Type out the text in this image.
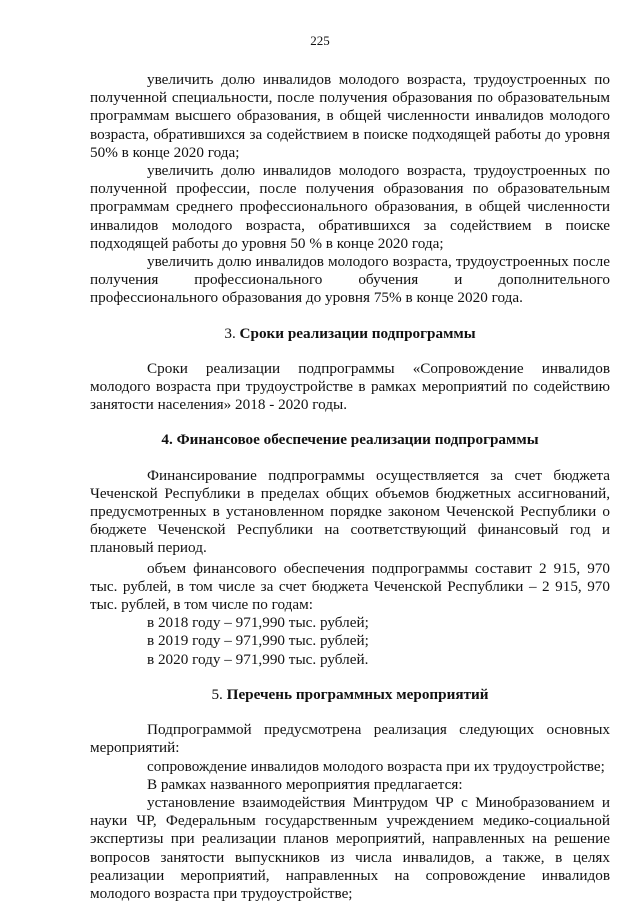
225

увеличить долю инвалидов молодого возраста, трудоустроенных по полученной специальности, после получения образования по образовательным программам высшего образования, в общей численности инвалидов молодого возраста, обратившихся за содействием в поиске подходящей работы до уровня 50% в конце 2020 года;

увеличить долю инвалидов молодого возраста, трудоустроенных по полученной профессии, после получения образования по образовательным программам среднего профессионального образования, в общей численности инвалидов молодого возраста, обратившихся за содействием в поиске подходящей работы до уровня 50 % в конце 2020 года;

увеличить долю инвалидов молодого возраста, трудоустроенных после получения профессионального обучения и дополнительного профессионального образования до уровня 75% в конце 2020 года.

3. Сроки реализации подпрограммы

Сроки реализации подпрограммы «Сопровождение инвалидов молодого возраста при трудоустройстве в рамках мероприятий по содействию занятости населения» 2018 - 2020 годы.

4. Финансовое обеспечение реализации подпрограммы

Финансирование подпрограммы осуществляется за счет бюджета Чеченской Республики в пределах общих объемов бюджетных ассигнований, предусмотренных в установленном порядке законом Чеченской Республики о бюджете Чеченской Республики на соответствующий финансовый год и плановый период.

объем финансового обеспечения подпрограммы составит 2 915, 970 тыс. рублей, в том числе за счет бюджета Чеченской Республики – 2 915, 970 тыс. рублей, в том числе по годам:

в 2018 году – 971,990 тыс. рублей;

в 2019 году – 971,990 тыс. рублей;

в 2020 году – 971,990 тыс. рублей.

5. Перечень программных мероприятий

Подпрограммой предусмотрена реализация следующих основных мероприятий:

сопровождение инвалидов молодого возраста при их трудоустройстве;

В рамках названного мероприятия предлагается:

установление взаимодействия Минтрудом ЧР с Минобразованием и науки ЧР, Федеральным государственным учреждением медико-социальной экспертизы при реализации планов мероприятий, направленных на решение вопросов занятости выпускников из числа инвалидов, а также, в целях реализации мероприятий, направленных на сопровождение инвалидов молодого возраста при трудоустройстве;
